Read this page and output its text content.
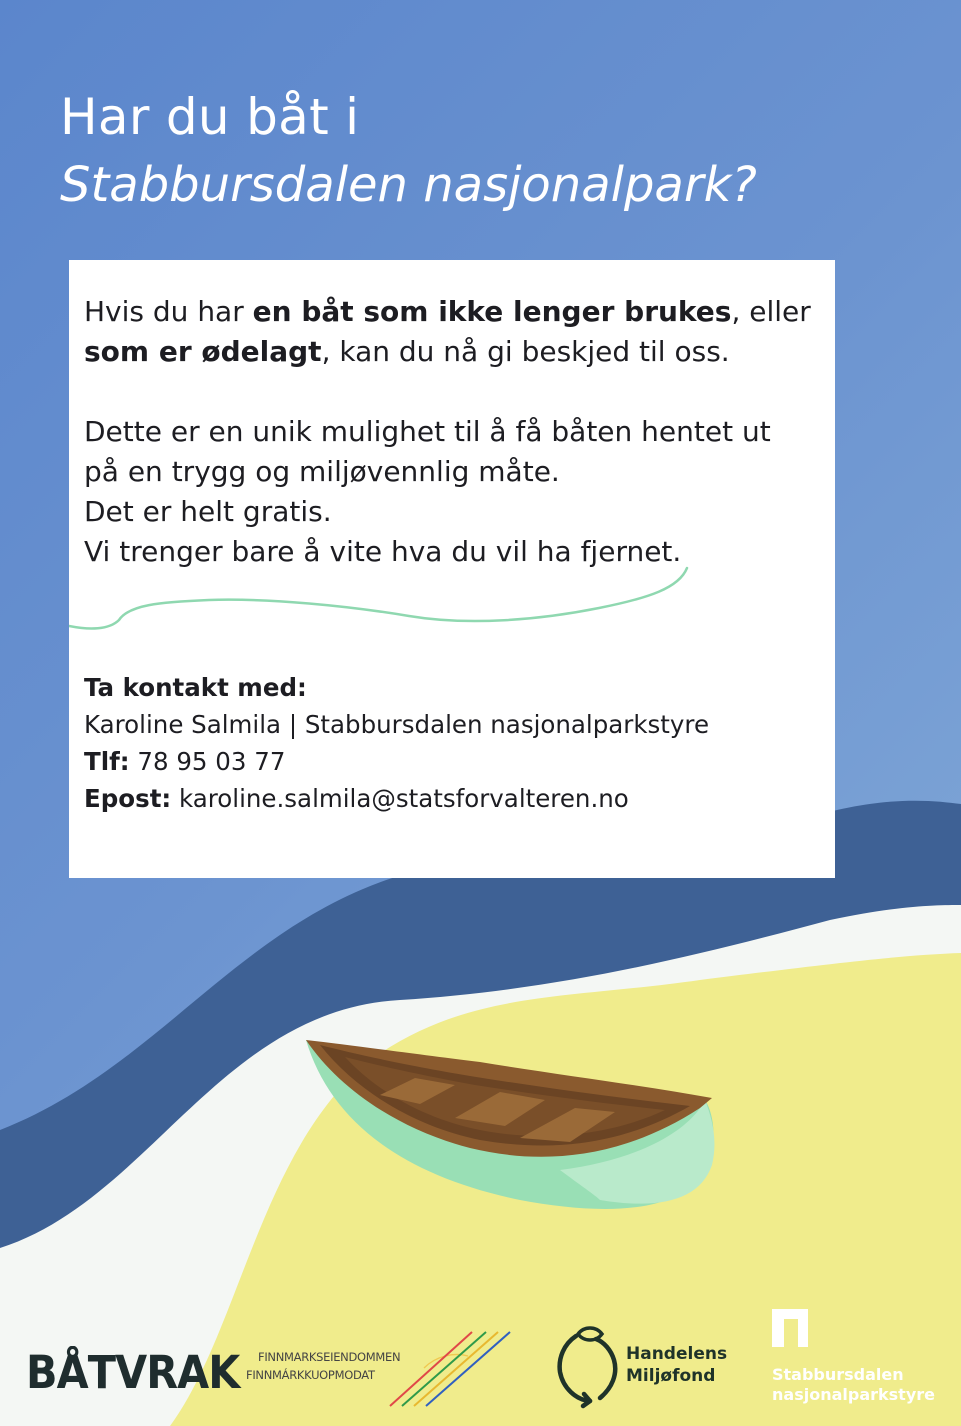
Har du båt i
Stabbursdalen nasjonalpark?

Hvis du har en båt som ikke lenger brukes, eller
som er ødelagt, kan du nå gi beskjed til oss.

Dette er en unik mulighet til å få båten hentet ut
på en trygg og miljøvennlig måte.
Det er helt gratis.
Vi trenger bare å vite hva du vil ha fjernet.

Ta kontakt med:

Karoline Salmila | Stabbursdalen nasjonalparkstyre

Tlf: 78 95 03 77

Epost: karoline.salmila@statsforvalteren.no

BÅTVRAK FINNMARKSEIENDOMMEN
FINNMÁRKKUOPMODAT
Handelens
Miljøfond	Stabbursdalen
nasjonalparkstyre
